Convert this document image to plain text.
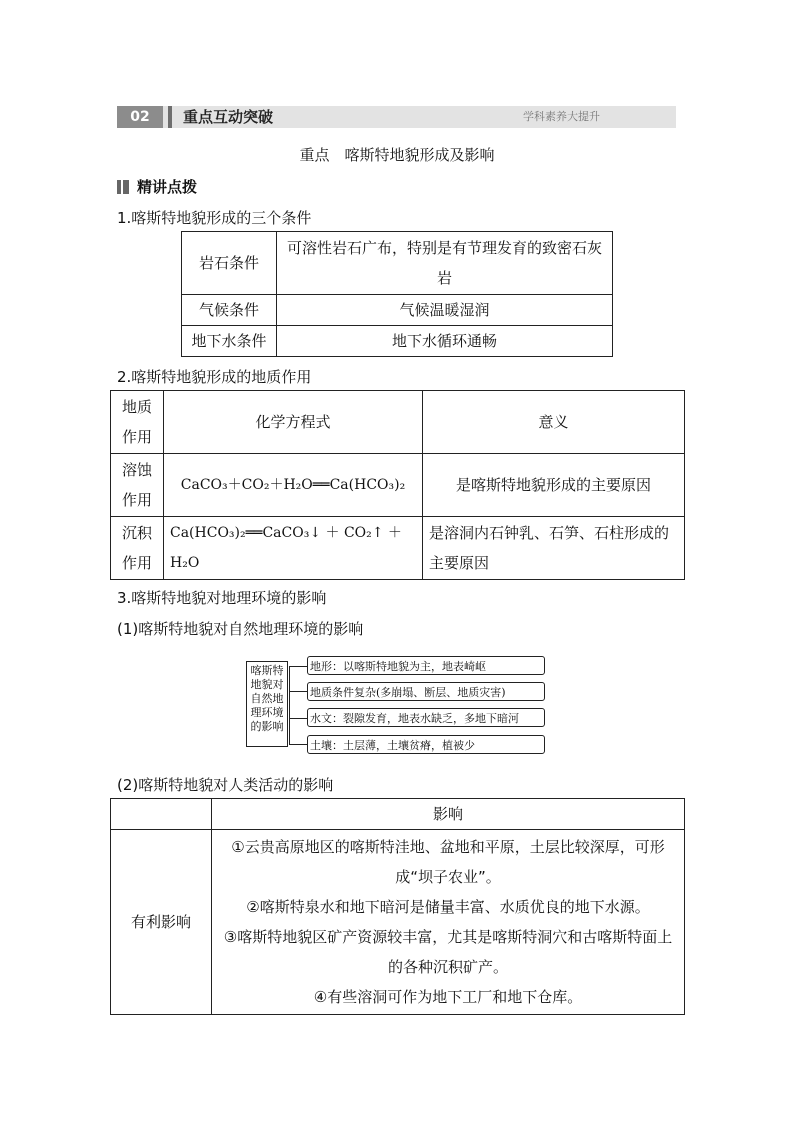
02	重点互动突破	学科素养大提升
重点　喀斯特地貌形成及影响
精讲点拨
1.喀斯特地貌形成的三个条件
岩石条件	可溶性岩石广布，特别是有节理发育的致密石灰岩
气候条件	气候温暖湿润
地下水条件	地下水循环通畅
2.喀斯特地貌形成的地质作用
地质作用	化学方程式	意义
溶蚀作用	CaCO₃＋CO₂＋H₂O══Ca(HCO₃)₂	是喀斯特地貌形成的主要原因
沉积作用	Ca(HCO₃)₂══CaCO₃↓ ＋ CO₂↑ ＋ H₂O	是溶洞内石钟乳、石笋、石柱形成的主要原因
3.喀斯特地貌对地理环境的影响
(1)喀斯特地貌对自然地理环境的影响
喀斯特地貌对自然地理环境的影响
地形：以喀斯特地貌为主，地表崎岖
地质条件复杂(多崩塌、断层、地质灾害)
水文：裂隙发育，地表水缺乏，多地下暗河
土壤：土层薄，土壤贫瘠，植被少
(2)喀斯特地貌对人类活动的影响
	影响
有利影响	①云贵高原地区的喀斯特洼地、盆地和平原，土层比较深厚，可形成“坝子农业”。
②喀斯特泉水和地下暗河是储量丰富、水质优良的地下水源。
③喀斯特地貌区矿产资源较丰富，尤其是喀斯特洞穴和古喀斯特面上的各种沉积矿产。
④有些溶洞可作为地下工厂和地下仓库。
